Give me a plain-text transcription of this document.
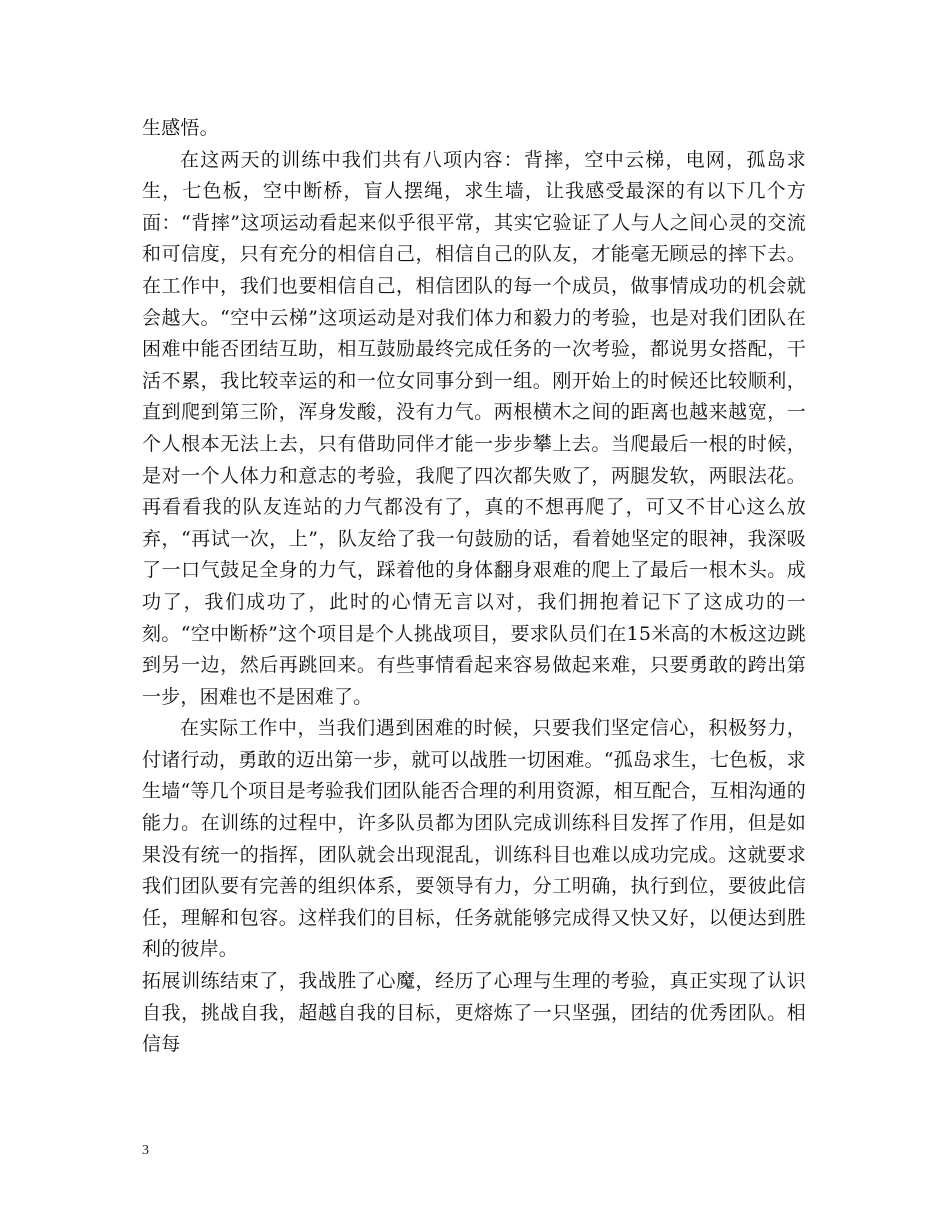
生感悟。

在这两天的训练中我们共有八项内容：背摔，空中云梯，电网，孤岛求生，七色板，空中断桥，盲人摆绳，求生墙，让我感受最深的有以下几个方面：“背摔”这项运动看起来似乎很平常，其实它验证了人与人之间心灵的交流和可信度，只有充分的相信自己，相信自己的队友，才能毫无顾忌的摔下去。在工作中，我们也要相信自己，相信团队的每一个成员，做事情成功的机会就会越大。“空中云梯”这项运动是对我们体力和毅力的考验，也是对我们团队在困难中能否团结互助，相互鼓励最终完成任务的一次考验，都说男女搭配，干活不累，我比较幸运的和一位女同事分到一组。刚开始上的时候还比较顺利，直到爬到第三阶，浑身发酸，没有力气。两根横木之间的距离也越来越宽，一个人根本无法上去，只有借助同伴才能一步步攀上去。当爬最后一根的时候，是对一个人体力和意志的考验，我爬了四次都失败了，两腿发软，两眼法花。再看看我的队友连站的力气都没有了，真的不想再爬了，可又不甘心这么放弃，“再试一次，上”，队友给了我一句鼓励的话，看着她坚定的眼神，我深吸了一口气鼓足全身的力气，踩着他的身体翻身艰难的爬上了最后一根木头。成功了，我们成功了，此时的心情无言以对，我们拥抱着记下了这成功的一刻。“空中断桥”这个项目是个人挑战项目，要求队员们在15米高的木板这边跳到另一边，然后再跳回来。有些事情看起来容易做起来难，只要勇敢的跨出第一步，困难也不是困难了。

在实际工作中，当我们遇到困难的时候，只要我们坚定信心，积极努力，付诸行动，勇敢的迈出第一步，就可以战胜一切困难。“孤岛求生，七色板，求生墙“等几个项目是考验我们团队能否合理的利用资源，相互配合，互相沟通的能力。在训练的过程中，许多队员都为团队完成训练科目发挥了作用，但是如果没有统一的指挥，团队就会出现混乱，训练科目也难以成功完成。这就要求我们团队要有完善的组织体系，要领导有力，分工明确，执行到位，要彼此信任，理解和包容。这样我们的目标，任务就能够完成得又快又好，以便达到胜利的彼岸。

拓展训练结束了，我战胜了心魔，经历了心理与生理的考验，真正实现了认识自我，挑战自我，超越自我的目标，更熔炼了一只坚强，团结的优秀团队。相信每

3
